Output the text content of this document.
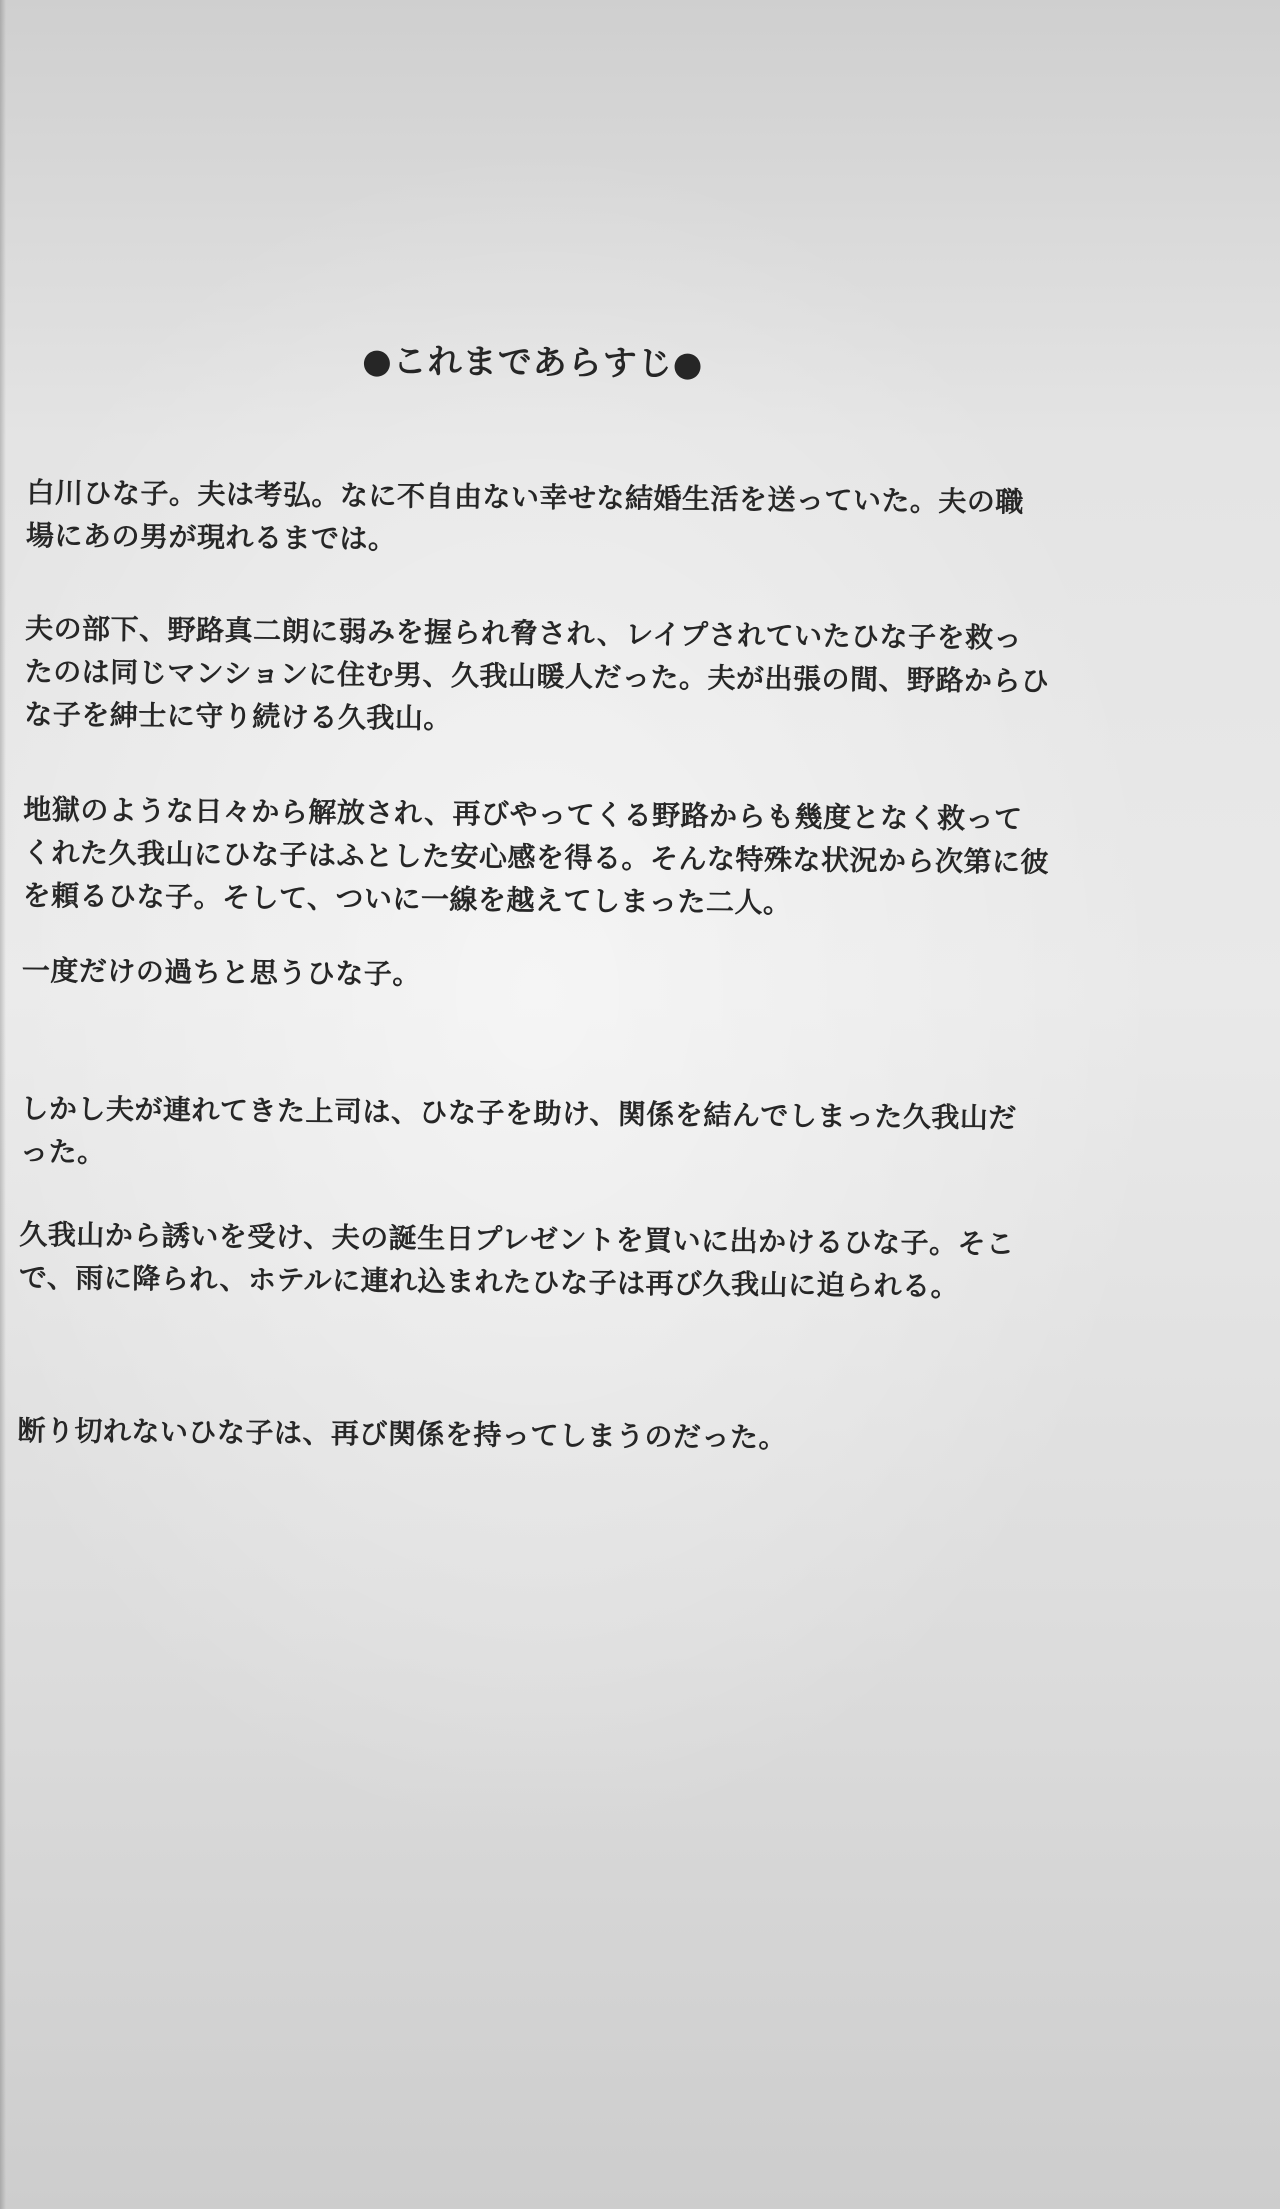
●これまであらすじ●

白川ひな子。夫は考弘。なに不自由ない幸せな結婚生活を送っていた。夫の職
場にあの男が現れるまでは。

夫の部下、野路真二朗に弱みを握られ脅され、レイプされていたひな子を救っ
たのは同じマンションに住む男、久我山暖人だった。夫が出張の間、野路からひ
な子を紳士に守り続ける久我山。

地獄のような日々から解放され、再びやってくる野路からも幾度となく救って
くれた久我山にひな子はふとした安心感を得る。そんな特殊な状況から次第に彼
を頼るひな子。そして、ついに一線を越えてしまった二人。

一度だけの過ちと思うひな子。

しかし夫が連れてきた上司は、ひな子を助け、関係を結んでしまった久我山だ
った。

久我山から誘いを受け、夫の誕生日プレゼントを買いに出かけるひな子。そこ
で、雨に降られ、ホテルに連れ込まれたひな子は再び久我山に迫られる。

断り切れないひな子は、再び関係を持ってしまうのだった。
